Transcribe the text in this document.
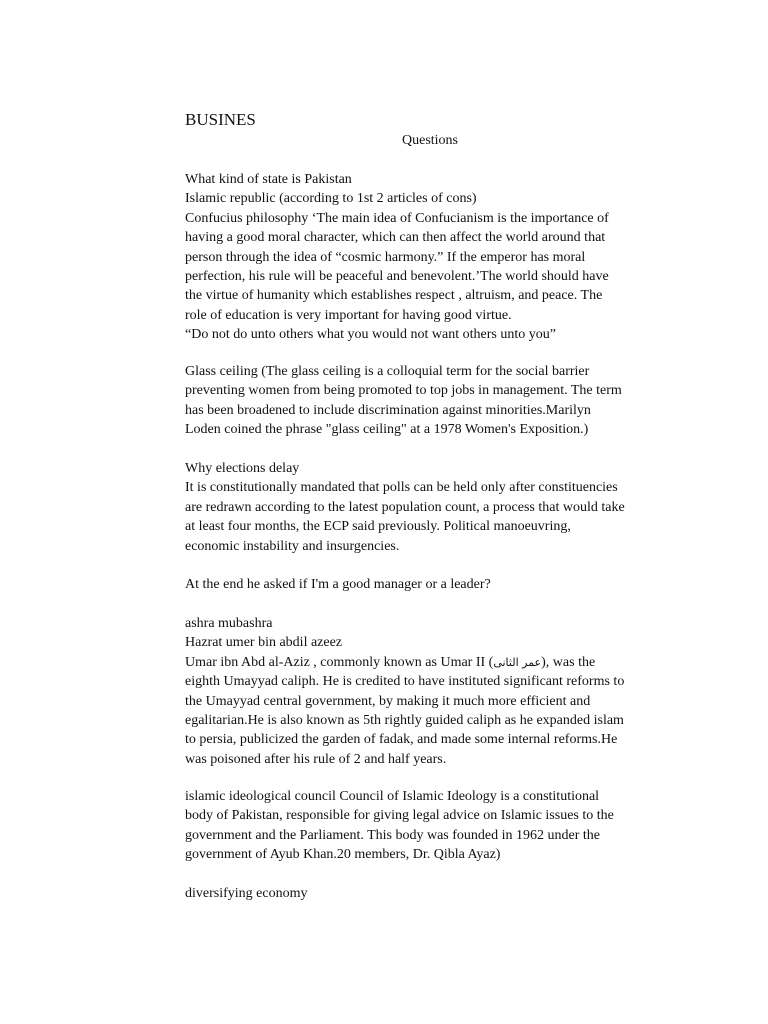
BUSINES
Questions
What kind of state is Pakistan
Islamic republic (according to 1st 2 articles of cons)
Confucius philosophy ‘The main idea of Confucianism is the importance of
having a good moral character, which can then affect the world around that
person through the idea of “cosmic harmony.” If the emperor has moral
perfection, his rule will be peaceful and benevolent.’The world should have
the virtue of humanity which establishes respect , altruism, and peace. The
role of education is very important for having good virtue.
“Do not do unto others what you would not want others unto you”
Glass ceiling (The glass ceiling is a colloquial term for the social barrier
preventing women from being promoted to top jobs in management. The term
has been broadened to include discrimination against minorities.Marilyn
Loden coined the phrase "glass ceiling" at a 1978 Women's Exposition.)
Why elections delay
It is constitutionally mandated that polls can be held only after constituencies
are redrawn according to the latest population count, a process that would take
at least four months, the ECP said previously. Political manoeuvring,
economic instability and insurgencies.
At the end he asked if I'm a good manager or a leader?
ashra mubashra
Hazrat umer bin abdil azeez
Umar ibn Abd al-Aziz , commonly known as Umar II (عمر الثانی), was the
eighth Umayyad caliph. He is credited to have instituted significant reforms to
the Umayyad central government, by making it much more efficient and
egalitarian.He is also known as 5th rightly guided caliph as he expanded islam
to persia, publicized the garden of fadak, and made some internal reforms.He
was poisoned after his rule of 2 and half years.
islamic ideological council Council of Islamic Ideology is a constitutional
body of Pakistan, responsible for giving legal advice on Islamic issues to the
government and the Parliament. This body was founded in 1962 under the
government of Ayub Khan.20 members, Dr. Qibla Ayaz)
diversifying economy
